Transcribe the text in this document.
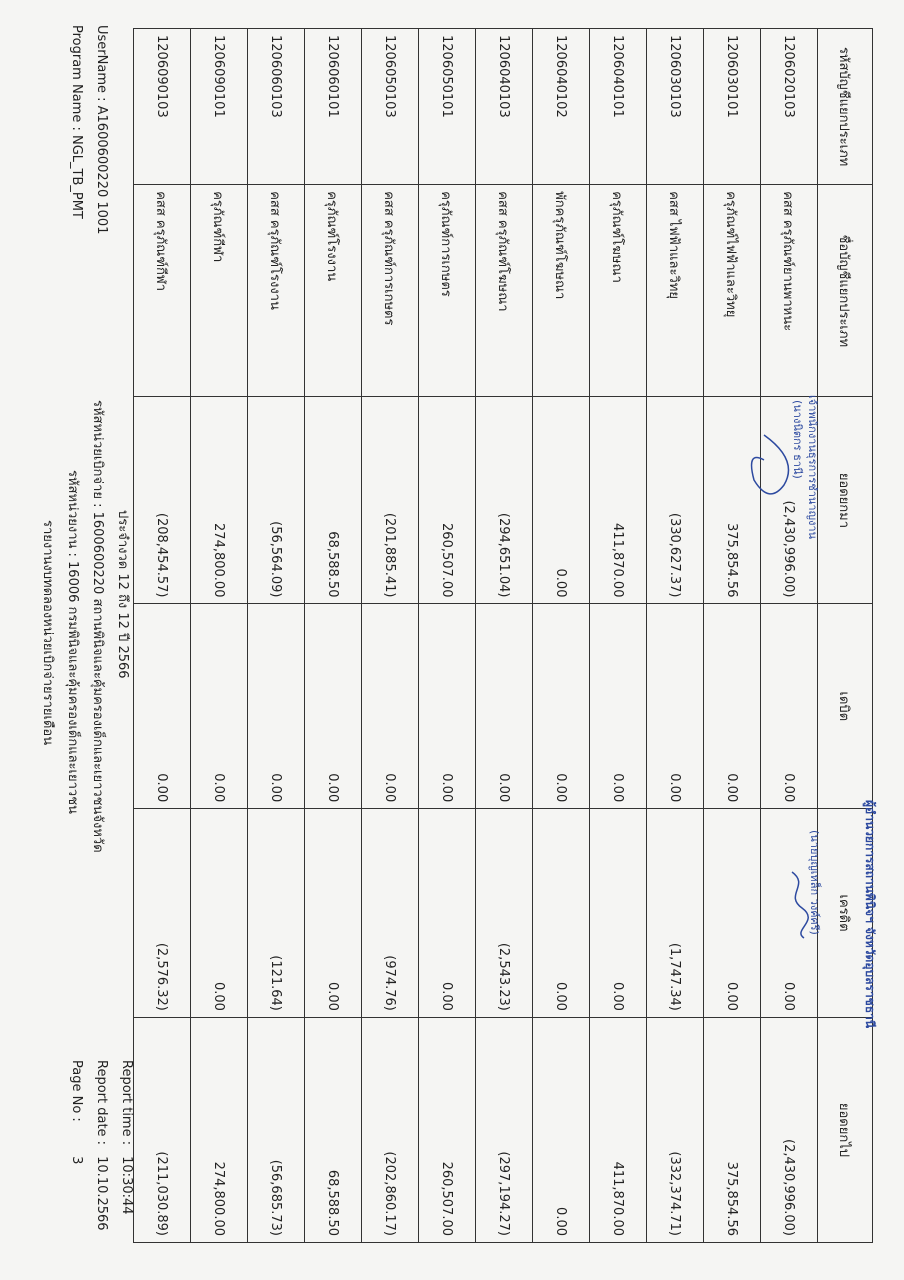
รายงานงบทดลองหน่วยเบิกจ่ายรายเดือน รหัสหน่วยงาน : 16006 กรมพินิจและคุ้มครองเด็กและเยาวชน รหัสหน่วยเบิกจ่าย : 1600600220 สถานพินิจและคุ้มครองเด็กและเยาวชนจังหวัด ประจำงวด 12 ถึง 12 ปี 2566
Program Name : NGL_TB_PMT UserName : A1600600220 1001
Page No : 3
Report date : 10.10.2566
Report time : 10:30:44
รหัสบัญชีแยกประเภท	ชื่อบัญชีแยกประเภท	ยอดยกมา	เดบิต	เครดิต	ยอดยกไป
1206020103	คสส ครุภัณฑ์ยานพาหนะ	(2,430,996.00)	0.00	0.00	(2,430,996.00)
1206030101	ครุภัณฑ์ไฟฟ้าและวิทยุ	375,854.56	0.00	0.00	375,854.56
1206030103	คสส ไฟฟ้าและวิทยุ	(330,627.37)	0.00	(1,747.34)	(332,374.71)
1206040101	ครุภัณฑ์โฆษณา	411,870.00	0.00	0.00	411,870.00
1206040102	พักครุภัณฑ์โฆษณา	0.00	0.00	0.00	0.00
1206040103	คสส ครุภัณฑ์โฆษณา	(294,651.04)	0.00	(2,543.23)	(297,194.27)
1206050101	ครุภัณฑ์การเกษตร	260,507.00	0.00	0.00	260,507.00
1206050103	คสส ครุภัณฑ์การเกษตร	(201,885.41)	0.00	(974.76)	(202,860.17)
1206060101	ครุภัณฑ์โรงงาน	68,588.50	0.00	0.00	68,588.50
1206060103	คสส ครุภัณฑ์โรงงาน	(56,564.09)	0.00	(121.64)	(56,685.73)
1206090101	ครุภัณฑ์กีฬา	274,800.00	0.00	0.00	274,800.00
1206090103	คสส ครุภัณฑ์กีฬา	(208,454.57)	0.00	(2,576.32)	(211,030.89)
(นางนิตกร ธานี) เจ้าพนักงานธุรการชำนาญงาน
(นายบุญเหล็ก วงค์ศรี)	ผู้อำนวยการสถานพินิจฯ จังหวัดอุบลราชธานี
